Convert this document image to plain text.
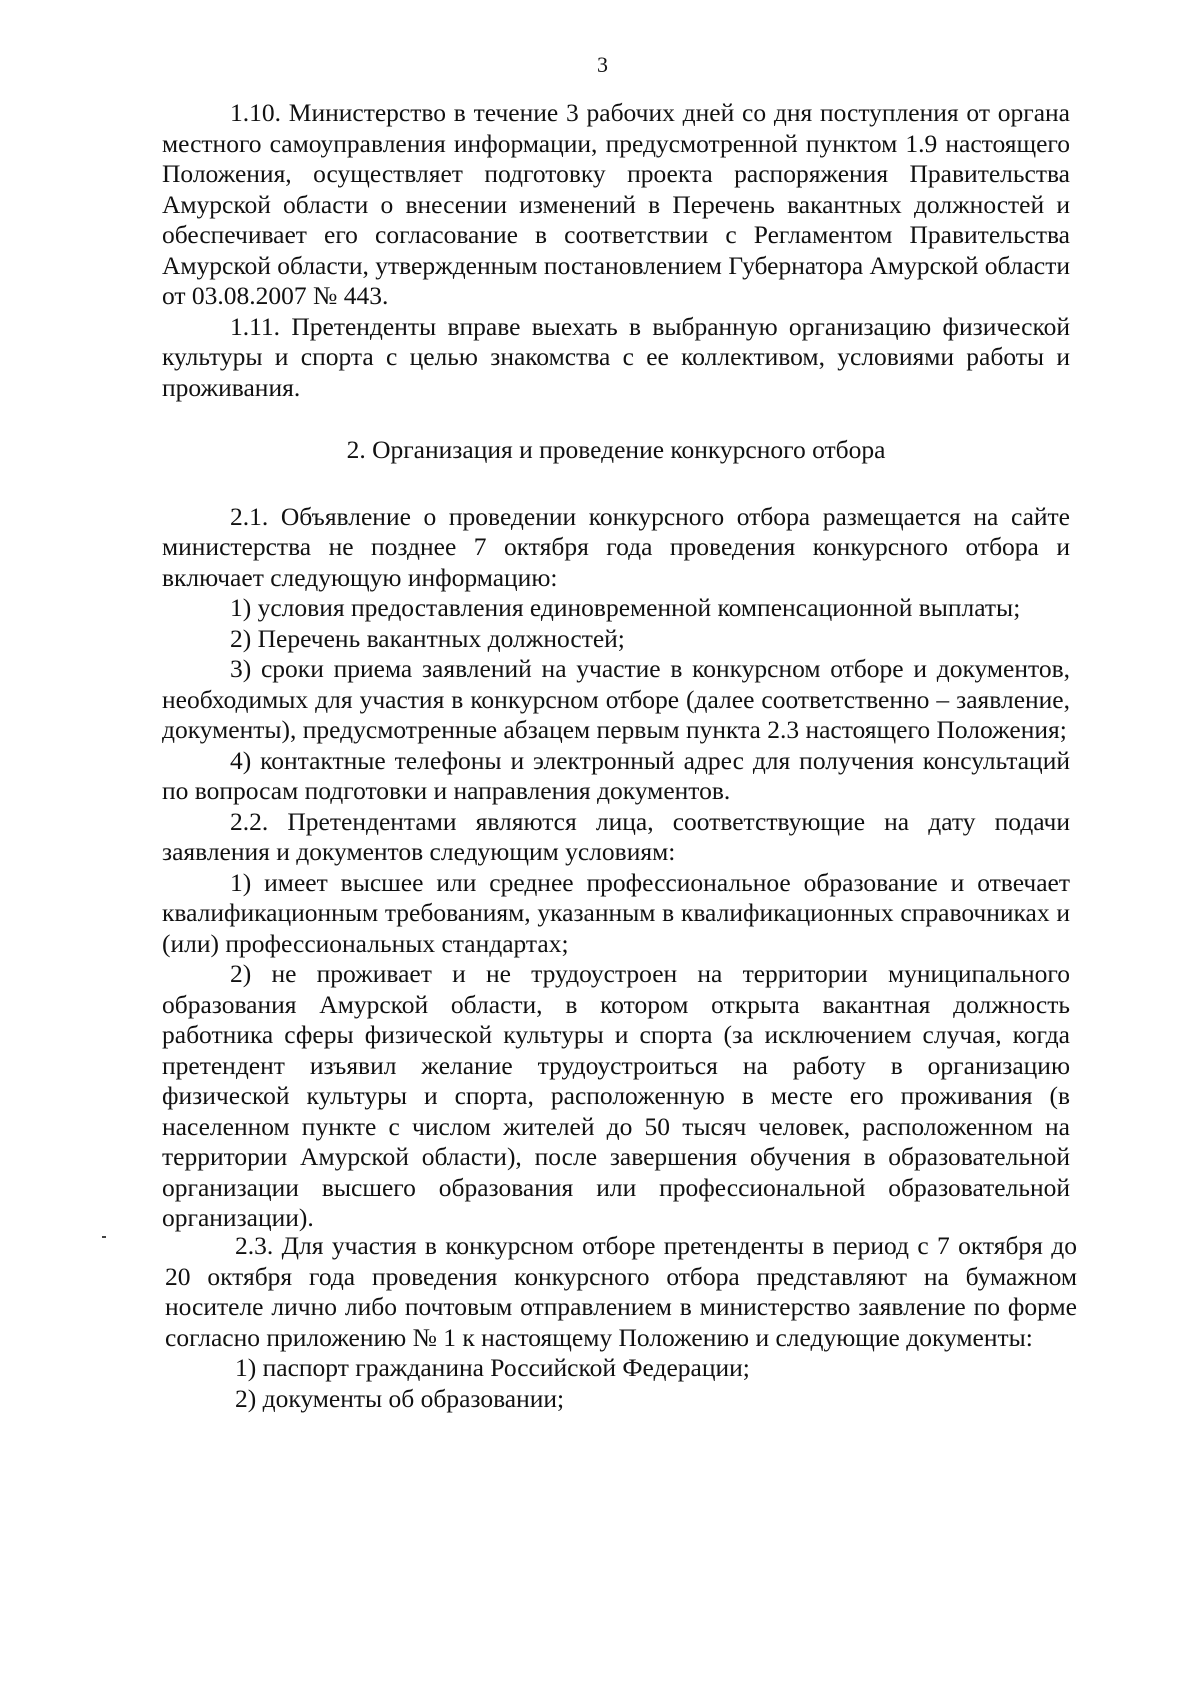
3

1.10. Министерство в течение 3 рабочих дней со дня поступления от органа местного самоуправления информации, предусмотренной пунктом 1.9 настоящего Положения, осуществляет подготовку проекта распоряжения Правительства Амурской области о внесении изменений в Перечень вакантных должностей и обеспечивает его согласование в соответствии с Регламентом Правительства Амурской области, утвержденным постановлением Губернатора Амурской области от 03.08.2007 № 443.

1.11. Претенденты вправе выехать в выбранную организацию физической культуры и спорта с целью знакомства с ее коллективом, условиями работы и проживания.

2. Организация и проведение конкурсного отбора

2.1. Объявление о проведении конкурсного отбора размещается на сайте министерства не позднее 7 октября года проведения конкурсного отбора и включает следующую информацию:

1) условия предоставления единовременной компенсационной выплаты;

2) Перечень вакантных должностей;

3) сроки приема заявлений на участие в конкурсном отборе и документов, необходимых для участия в конкурсном отборе (далее соответственно – заявление, документы), предусмотренные абзацем первым пункта 2.3 настоящего Положения;

4) контактные телефоны и электронный адрес для получения консультаций по вопросам подготовки и направления документов.

2.2. Претендентами являются лица, соответствующие на дату подачи заявления и документов следующим условиям:

1) имеет высшее или среднее профессиональное образование и отвечает квалификационным требованиям, указанным в квалификационных справочниках и (или) профессиональных стандартах;

2) не проживает и не трудоустроен на территории муниципального образования Амурской области, в котором открыта вакантная должность работника сферы физической культуры и спорта (за исключением случая, когда претендент изъявил желание трудоустроиться на работу в организацию физической культуры и спорта, расположенную в месте его проживания (в населенном пункте с числом жителей до 50 тысяч человек, расположенном на территории Амурской области), после завершения обучения в образовательной организации высшего образования или профессиональной образовательной организации).

2.3. Для участия в конкурсном отборе претенденты в период с 7 октября до 20 октября года проведения конкурсного отбора представляют на бумажном носителе лично либо почтовым отправлением в министерство заявление по форме согласно приложению № 1 к настоящему Положению и следующие документы:

1) паспорт гражданина Российской Федерации;

2) документы об образовании;
